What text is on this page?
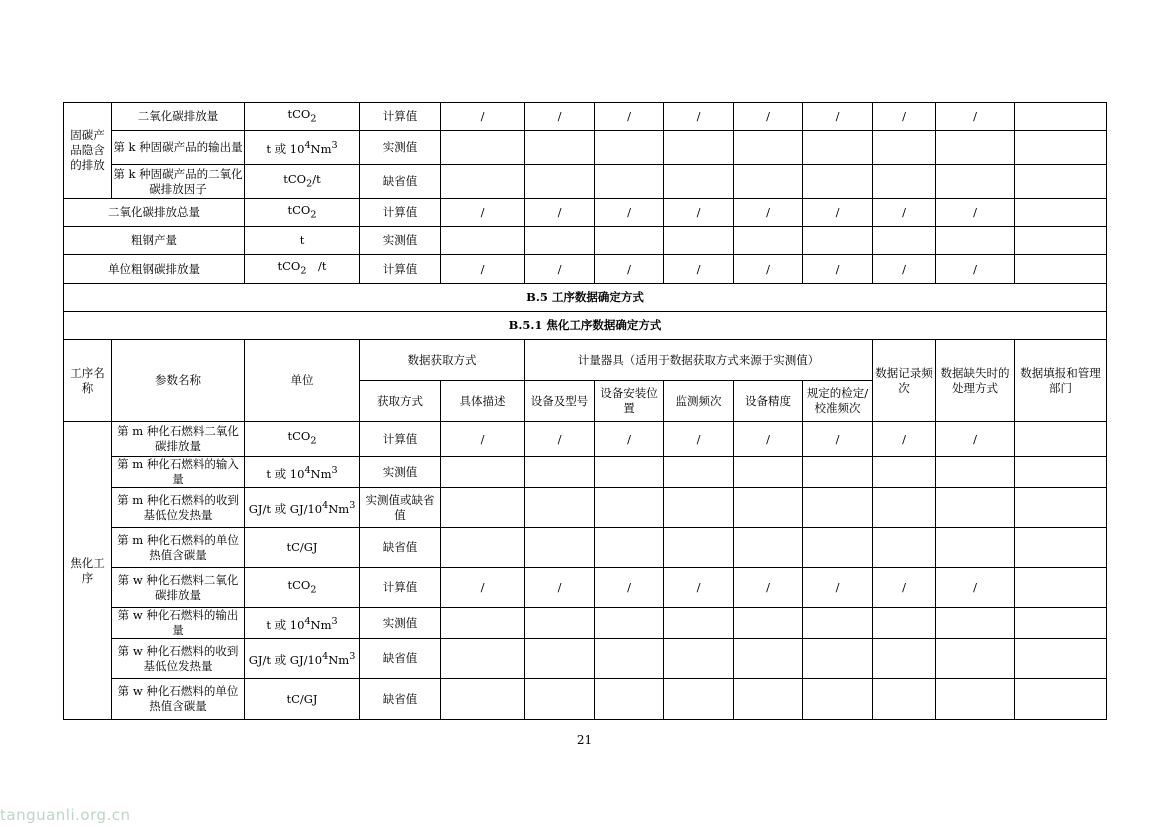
固碳产品隐含的排放	二氧化碳排放量	tCO$_2$	计算值	/	/	/	/	/	/	/	/	
	第 k 种固碳产品的输出量	t 或 $10^4Nm^3$	实测值									
	第 k 种固碳产品的二氧化碳排放因子	tCO$_2$/t	缺省值									
二氧化碳排放总量		tCO$_2$	计算值	/	/	/	/	/	/	/	/	
粗钢产量		t	实测值									
单位粗钢碳排放量		tCO$_2$　/t	计算值	/	/	/	/	/	/	/	/	
B.5 工序数据确定方式												
B.5.1 焦化工序数据确定方式												
工序名称	参数名称	单位	数据获取方式		计量器具（适用于数据获取方式来源于实测值）					数据记录频次	数据缺失时的处理方式	数据填报和管理部门
			获取方式	具体描述	设备及型号	设备安装位置	监测频次	设备精度	规定的检定/校准频次			
焦化工序	第 m 种化石燃料二氧化碳排放量	tCO$_2$	计算值	/	/	/	/	/	/	/	/	
	第 m 种化石燃料的输入量	t 或 $10^4Nm^3$	实测值									
	第 m 种化石燃料的收到基低位发热量	GJ/t 或 $GJ/10^4Nm^3$	实测值或缺省值									
	第 m 种化石燃料的单位热值含碳量	tC/GJ	缺省值									
	第 w 种化石燃料二氧化碳排放量	tCO$_2$	计算值	/	/	/	/	/	/	/	/	
	第 w 种化石燃料的输出量	t 或 $10^4Nm^3$	实测值									
	第 w 种化石燃料的收到基低位发热量	GJ/t 或 $GJ/10^4Nm^3$	缺省值									
	第 w 种化石燃料的单位热值含碳量	tC/GJ	缺省值									
21
tanguanli.org.cn
